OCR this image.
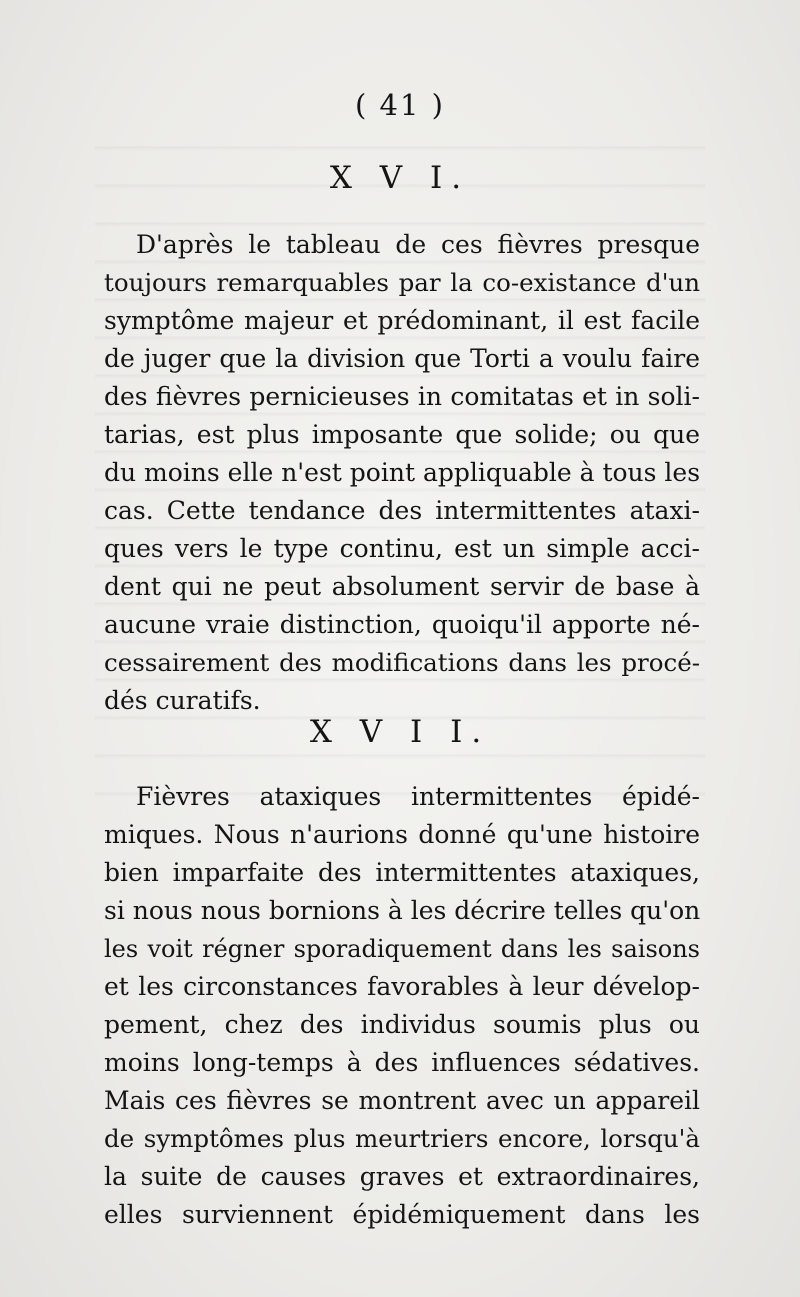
( 41 )
X V I.
D'après le tableau de ces fièvres presque
toujours remarquables par la co-existance d'un
symptôme majeur et prédominant, il est facile
de juger que la division que Torti a voulu faire
des fièvres pernicieuses in comitatas et in soli-
tarias, est plus imposante que solide; ou que
du moins elle n'est point appliquable à tous les
cas. Cette tendance des intermittentes ataxi-
ques vers le type continu, est un simple acci-
dent qui ne peut absolument servir de base à
aucune vraie distinction, quoiqu'il apporte né-
cessairement des modifications dans les procé-
dés curatifs.
X V I I.
Fièvres ataxiques intermittentes épidé-
miques. Nous n'aurions donné qu'une histoire
bien imparfaite des intermittentes ataxiques,
si nous nous bornions à les décrire telles qu'on
les voit régner sporadiquement dans les saisons
et les circonstances favorables à leur dévelop-
pement, chez des individus soumis plus ou
moins long-temps à des influences sédatives.
Mais ces fièvres se montrent avec un appareil
de symptômes plus meurtriers encore, lorsqu'à
la suite de causes graves et extraordinaires,
elles surviennent épidémiquement dans les
